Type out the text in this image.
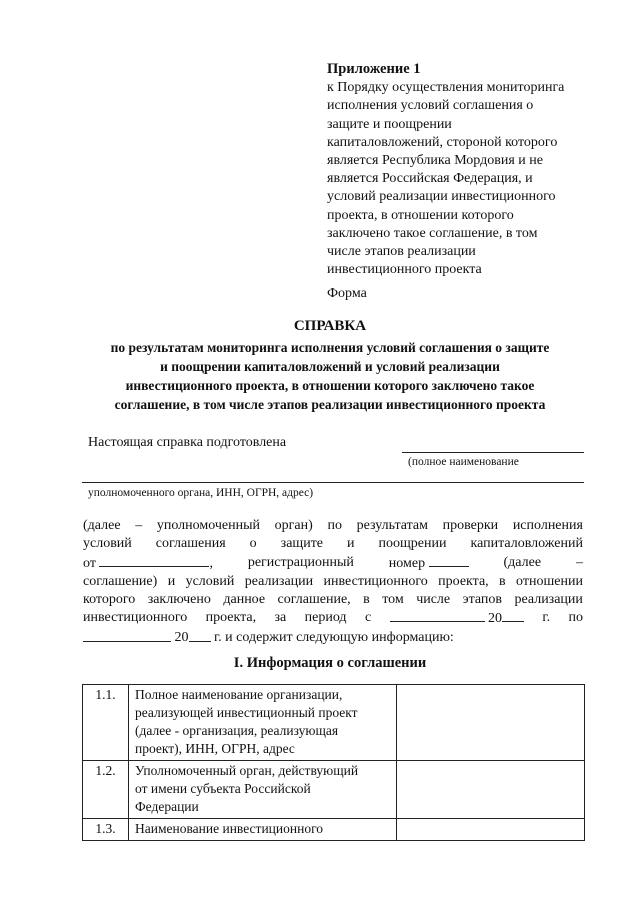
Приложение 1
к Порядку осуществления мониторинга
исполнения условий соглашения о
защите и поощрении
капиталовложений, стороной которого
является Республика Мордовия и не
является Российская Федерация, и
условий реализации инвестиционного
проекта, в отношении которого
заключено такое соглашение, в том
числе этапов реализации
инвестиционного проекта
Форма
СПРАВКА
по результатам мониторинга исполнения условий соглашения о защите
и поощрении капиталовложений и условий реализации
инвестиционного проекта, в отношении которого заключено такое
соглашение, в том числе этапов реализации инвестиционного проекта
Настоящая справка подготовлена
(полное наименование
уполномоченного органа, ИНН, ОГРН, адрес)
(далее – уполномоченный орган) по результатам проверки исполнения
условий соглашения о защите и поощрении капиталовложений
от	, регистрационный номер	(далее –
соглашение) и условий реализации инвестиционного проекта, в отношении
которого заключено данное соглашение, в том числе этапов реализации
инвестиционного проекта, за период с	20	г. по

20
г. и содержит следующую информацию:
I. Информация о соглашении
1.1.	Полное наименование организации,
реализующей инвестиционный проект
(далее - организация, реализующая
проект), ИНН, ОГРН, адрес	

1.2.	Уполномоченный орган, действующий
от имени субъекта Российской
Федерации	

1.3.	Наименование инвестиционного	
